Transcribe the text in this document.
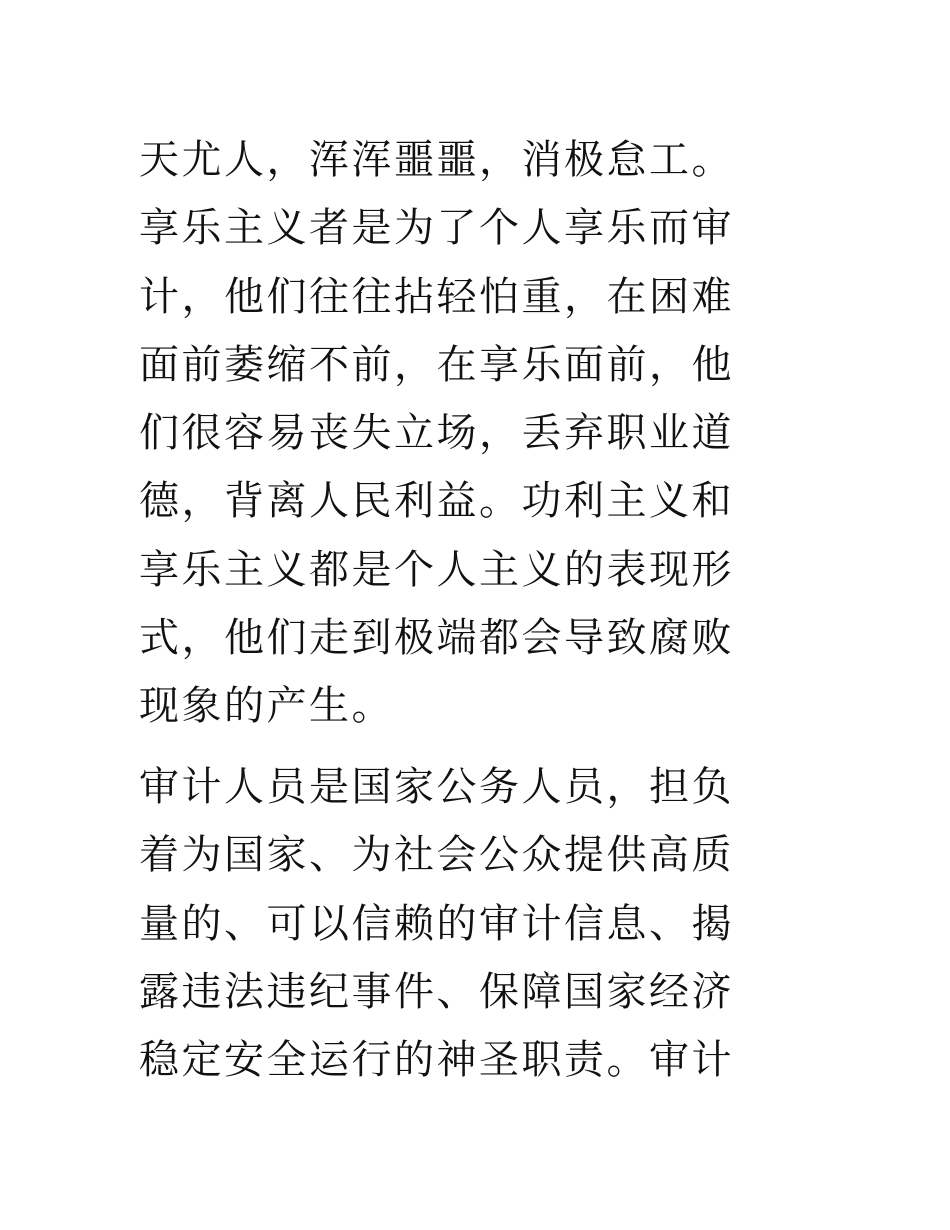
天尤人，浑浑噩噩，消极怠工。
享乐主义者是为了个人享乐而审
计，他们往往拈轻怕重，在困难
面前萎缩不前，在享乐面前，他
们很容易丧失立场，丢弃职业道
德，背离人民利益。功利主义和
享乐主义都是个人主义的表现形
式，他们走到极端都会导致腐败
现象的产生。
审计人员是国家公务人员，担负
着为国家、为社会公众提供高质
量的、可以信赖的审计信息、揭
露违法违纪事件、保障国家经济
稳定安全运行的神圣职责。审计
